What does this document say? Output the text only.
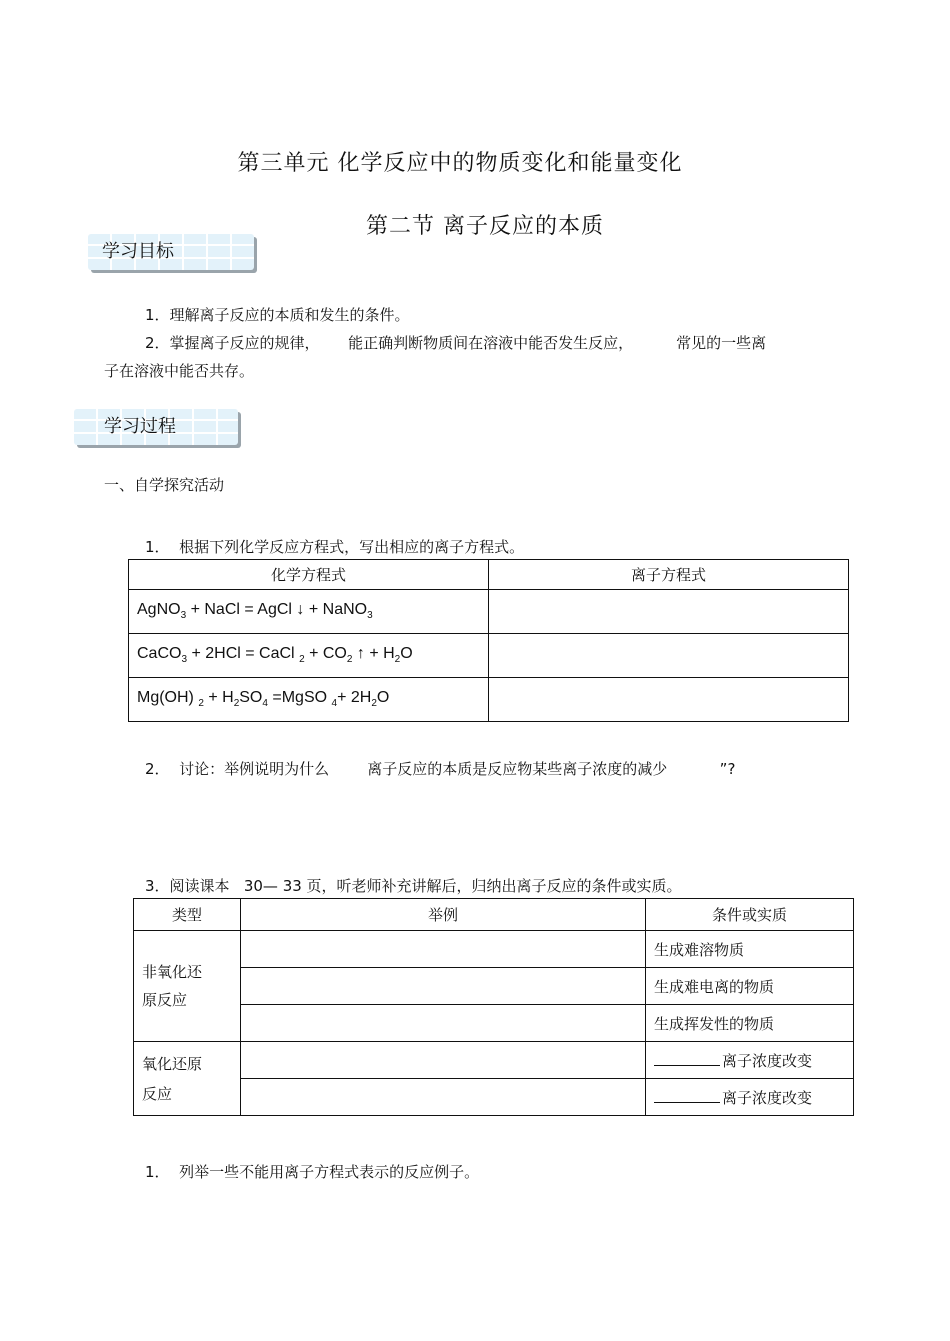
第三单元 化学反应中的物质变化和能量变化
第二节 离子反应的本质
学习目标
1．理解离子反应的本质和发生的条件。
2．掌握离子反应的规律，      能正确判断物质间在溶液中能否发生反应，         常见的一些离
子在溶液中能否共存。
学习过程
一、自学探究活动
1．  根据下列化学反应方程式，写出相应的离子方程式。
化学方程式	离子方程式
AgNO$_3$ + NaCl = AgCl ↓ + NaNO$_3$	
CaCO$_3$ + 2HCl = CaCl $_2 + CO_2$ ↑ + $H_2O$	
Mg(OH) $_2 + H_2SO_4$ =MgSO $_4+ 2H_2O$	
2．  讨论：举例说明为什么        离子反应的本质是反应物某些离子浓度的减少           ”?
3．阅读课本   30— 33 页，听老师补充讲解后，归纳出离子反应的条件或实质。
类型	举例	条件或实质

非氧化还
原反应		生成难溶物质
		生成难电离的物质
		生成挥发性的物质

氧化还原
反应		离子浓度改变
		离子浓度改变
1．  列举一些不能用离子方程式表示的反应例子。
